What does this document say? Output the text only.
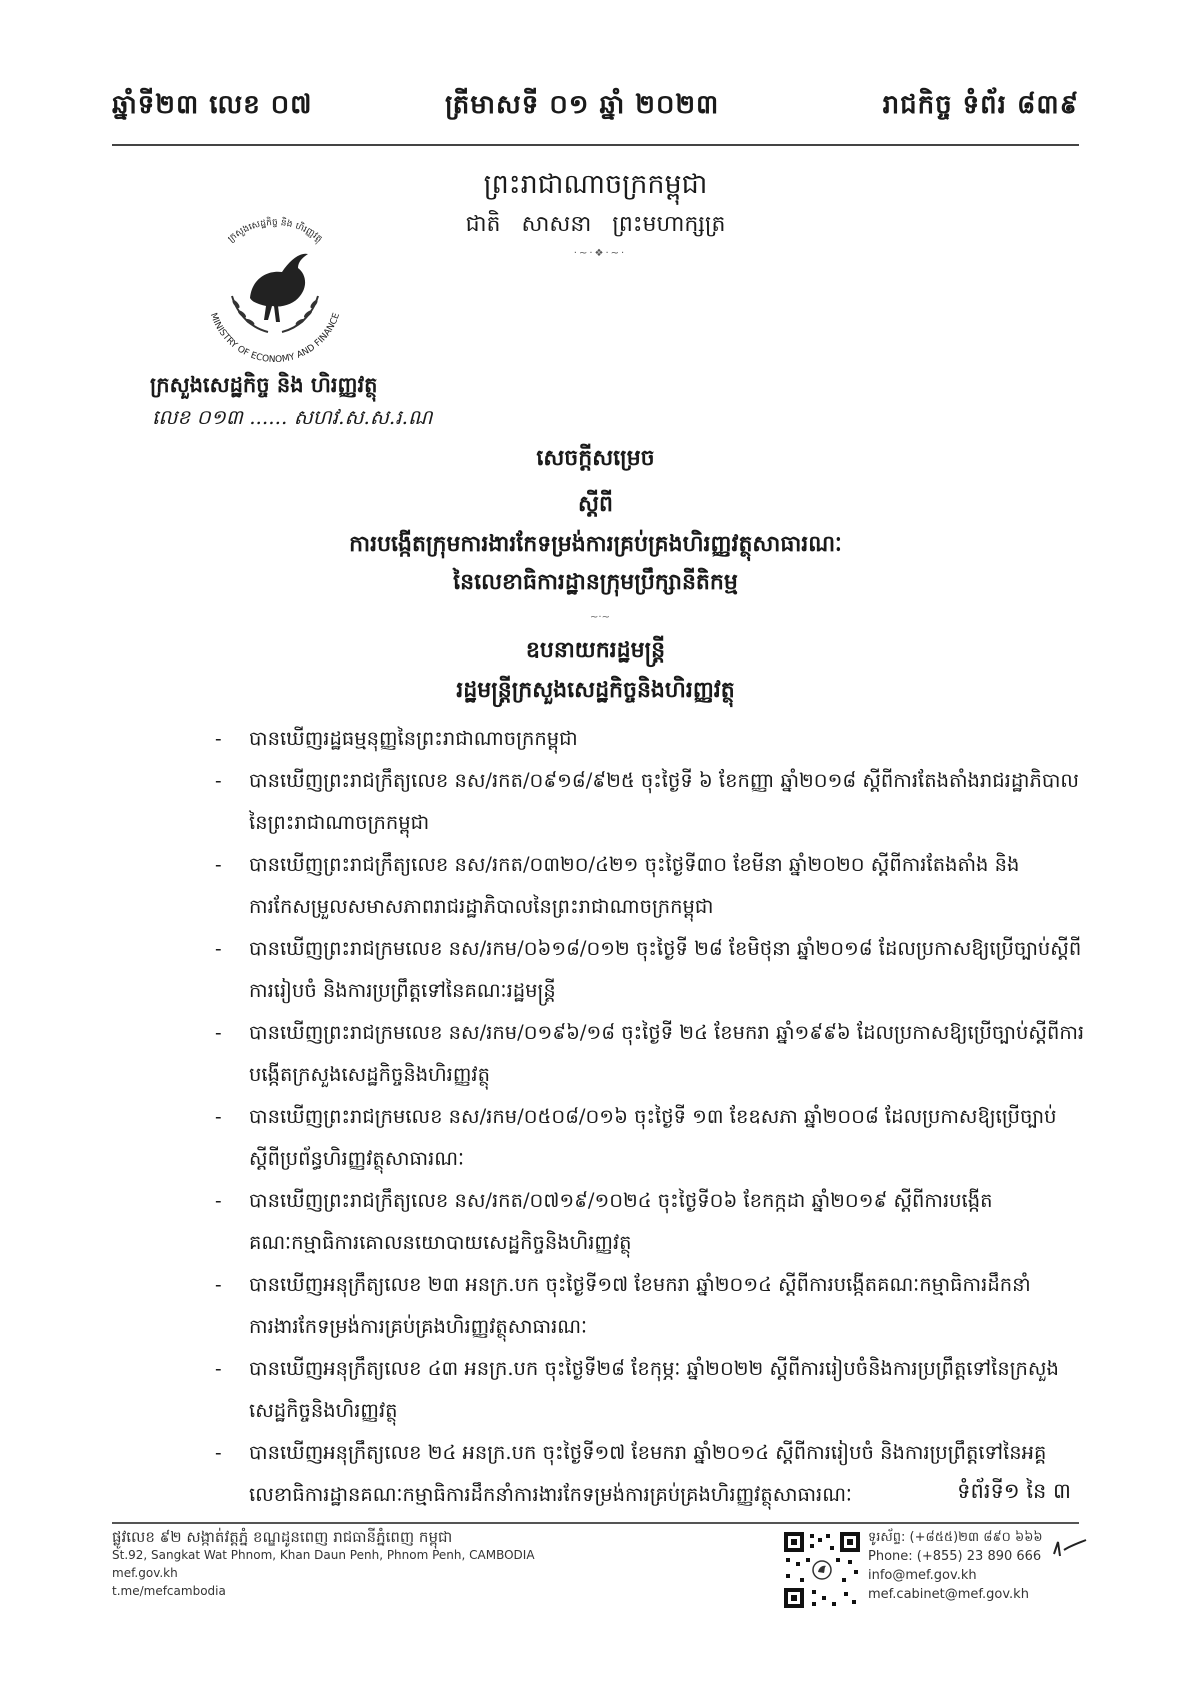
ឆ្នាំទី២៣ លេខ ០៧	ត្រីមាសទី ០១ ឆ្នាំ ២០២៣	រាជកិច្ច ទំព័រ ៨៣៩
ព្រះរាជាណាចក្រកម្ពុជា
ជាតិ សាសនា ព្រះមហាក្សត្រ
·~·❖·~·
ក្រសួងសេដ្ឋកិច្ច និង ហិរញ្ញវត្ថុ
MINISTRY OF ECONOMY AND FINANCE
ក្រសួងសេដ្ឋកិច្ច និង ហិរញ្ញវត្ថុ
លេខ ០១៣ ...... សហវ.ស.ស.រ.ណ
សេចក្តីសម្រេច
ស្តីពី
ការបង្កើតក្រុមការងារកែទម្រង់ការគ្រប់គ្រងហិរញ្ញវត្ថុសាធារណៈ
នៃលេខាធិការដ្ឋានក្រុមប្រឹក្សានីតិកម្ម
~·~
ឧបនាយករដ្ឋមន្ត្រី
រដ្ឋមន្ត្រីក្រសួងសេដ្ឋកិច្ចនិងហិរញ្ញវត្ថុ
- បានឃើញរដ្ឋធម្មនុញ្ញនៃព្រះរាជាណាចក្រកម្ពុជា
- បានឃើញព្រះរាជក្រឹត្យលេខ នស/រកត/០៩១៨/៩២៥ ចុះថ្ងៃទី ៦ ខែកញ្ញា ឆ្នាំ២០១៨ ស្តីពីការតែងតាំងរាជរដ្ឋាភិបាលនៃព្រះរាជាណាចក្រកម្ពុជា
- បានឃើញព្រះរាជក្រឹត្យលេខ នស/រកត/០៣២០/៤២១ ចុះថ្ងៃទី៣០ ខែមីនា ឆ្នាំ២០២០ ស្តីពីការតែងតាំង និងការកែសម្រួលសមាសភាពរាជរដ្ឋាភិបាលនៃព្រះរាជាណាចក្រកម្ពុជា
- បានឃើញព្រះរាជក្រមលេខ នស/រកម/០៦១៨/០១២ ចុះថ្ងៃទី ២៨ ខែមិថុនា ឆ្នាំ២០១៨ ដែលប្រកាសឱ្យប្រើច្បាប់ស្តីពីការរៀបចំ និងការប្រព្រឹត្តទៅនៃគណៈរដ្ឋមន្ត្រី
- បានឃើញព្រះរាជក្រមលេខ នស/រកម/០១៩៦/១៨ ចុះថ្ងៃទី ២៤ ខែមករា ឆ្នាំ១៩៩៦ ដែលប្រកាសឱ្យប្រើច្បាប់ស្តីពីការបង្កើតក្រសួងសេដ្ឋកិច្ចនិងហិរញ្ញវត្ថុ
- បានឃើញព្រះរាជក្រមលេខ នស/រកម/០៥០៨/០១៦ ចុះថ្ងៃទី ១៣ ខែឧសភា ឆ្នាំ២០០៨ ដែលប្រកាសឱ្យប្រើច្បាប់ស្តីពីប្រព័ន្ធហិរញ្ញវត្ថុសាធារណៈ
- បានឃើញព្រះរាជក្រឹត្យលេខ នស/រកត/០៧១៩/១០២៤ ចុះថ្ងៃទី០៦ ខែកក្កដា ឆ្នាំ២០១៩ ស្តីពីការបង្កើតគណៈកម្មាធិការគោលនយោបាយសេដ្ឋកិច្ចនិងហិរញ្ញវត្ថុ
- បានឃើញអនុក្រឹត្យលេខ ២៣ អនក្រ.បក ចុះថ្ងៃទី១៧ ខែមករា ឆ្នាំ២០១៤ ស្តីពីការបង្កើតគណៈកម្មាធិការដឹកនាំការងារកែទម្រង់ការគ្រប់គ្រងហិរញ្ញវត្ថុសាធារណៈ
- បានឃើញអនុក្រឹត្យលេខ ៤៣ អនក្រ.បក ចុះថ្ងៃទី២៨ ខែកុម្ភៈ ឆ្នាំ២០២២ ស្តីពីការរៀបចំនិងការប្រព្រឹត្តទៅនៃក្រសួងសេដ្ឋកិច្ចនិងហិរញ្ញវត្ថុ
- បានឃើញអនុក្រឹត្យលេខ ២៤ អនក្រ.បក ចុះថ្ងៃទី១៧ ខែមករា ឆ្នាំ២០១៤ ស្តីពីការរៀបចំ និងការប្រព្រឹត្តទៅនៃអគ្គលេខាធិការដ្ឋានគណៈកម្មាធិការដឹកនាំការងារកែទម្រង់ការគ្រប់គ្រងហិរញ្ញវត្ថុសាធារណៈ	ទំព័រទី១ នៃ ៣
ផ្លូវលេខ ៩២ សង្កាត់វត្តភ្នំ ខណ្ឌដូនពេញ រាជធានីភ្នំពេញ កម្ពុជា
St.92, Sangkat Wat Phnom, Khan Daun Penh, Phnom Penh, CAMBODIA
mef.gov.kh
t.me/mefcambodia
ទូរស័ព្ទ: (+៨៥៥)២៣ ៨៩០ ៦៦៦
Phone: (+855) 23 890 666
info@mef.gov.kh
mef.cabinet@mef.gov.kh
